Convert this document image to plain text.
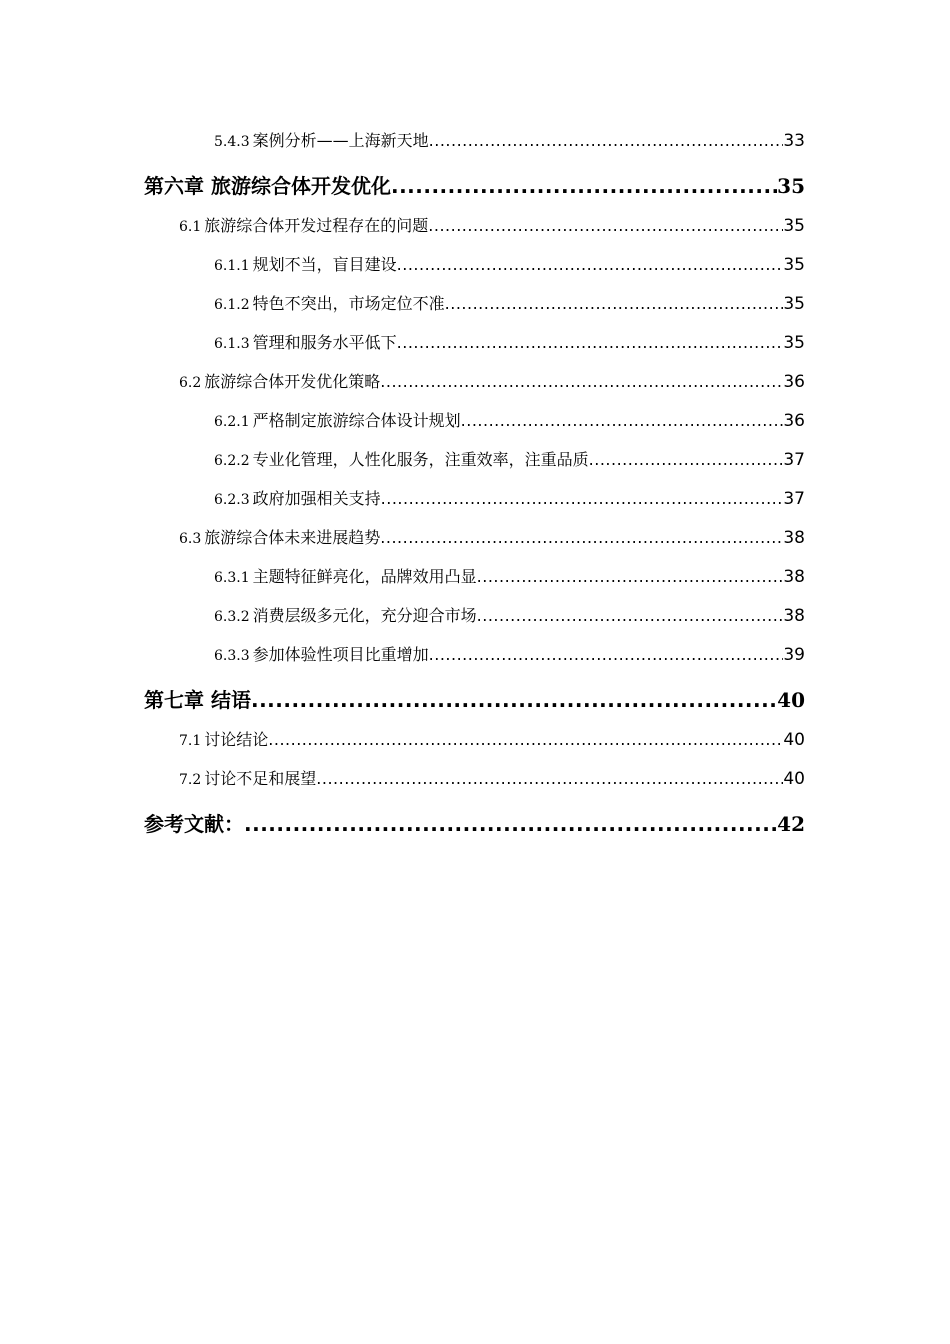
5.4.3 案例分析——上海新天地 .....	33
第六章 旅游综合体开发优化 .....	35
6.1 旅游综合体开发过程存在的问题 .....	35
6.1.1 规划不当，盲目建设 .....	35
6.1.2 特色不突出，市场定位不准 .....	35
6.1.3 管理和服务水平低下 .....	35
6.2 旅游综合体开发优化策略 .....	36
6.2.1 严格制定旅游综合体设计规划 .....	36
6.2.2 专业化管理，人性化服务，注重效率，注重品质 .....	37
6.2.3 政府加强相关支持 .....	37
6.3 旅游综合体未来进展趋势 .....	38
6.3.1 主题特征鲜亮化，品牌效用凸显 .....	38
6.3.2 消费层级多元化，充分迎合市场 .....	38
6.3.3 参加体验性项目比重增加 .....	39
第七章 结语 .....	40
7.1 讨论结论 .....	40
7.2 讨论不足和展望 .....	40
参考文献： .....	42
